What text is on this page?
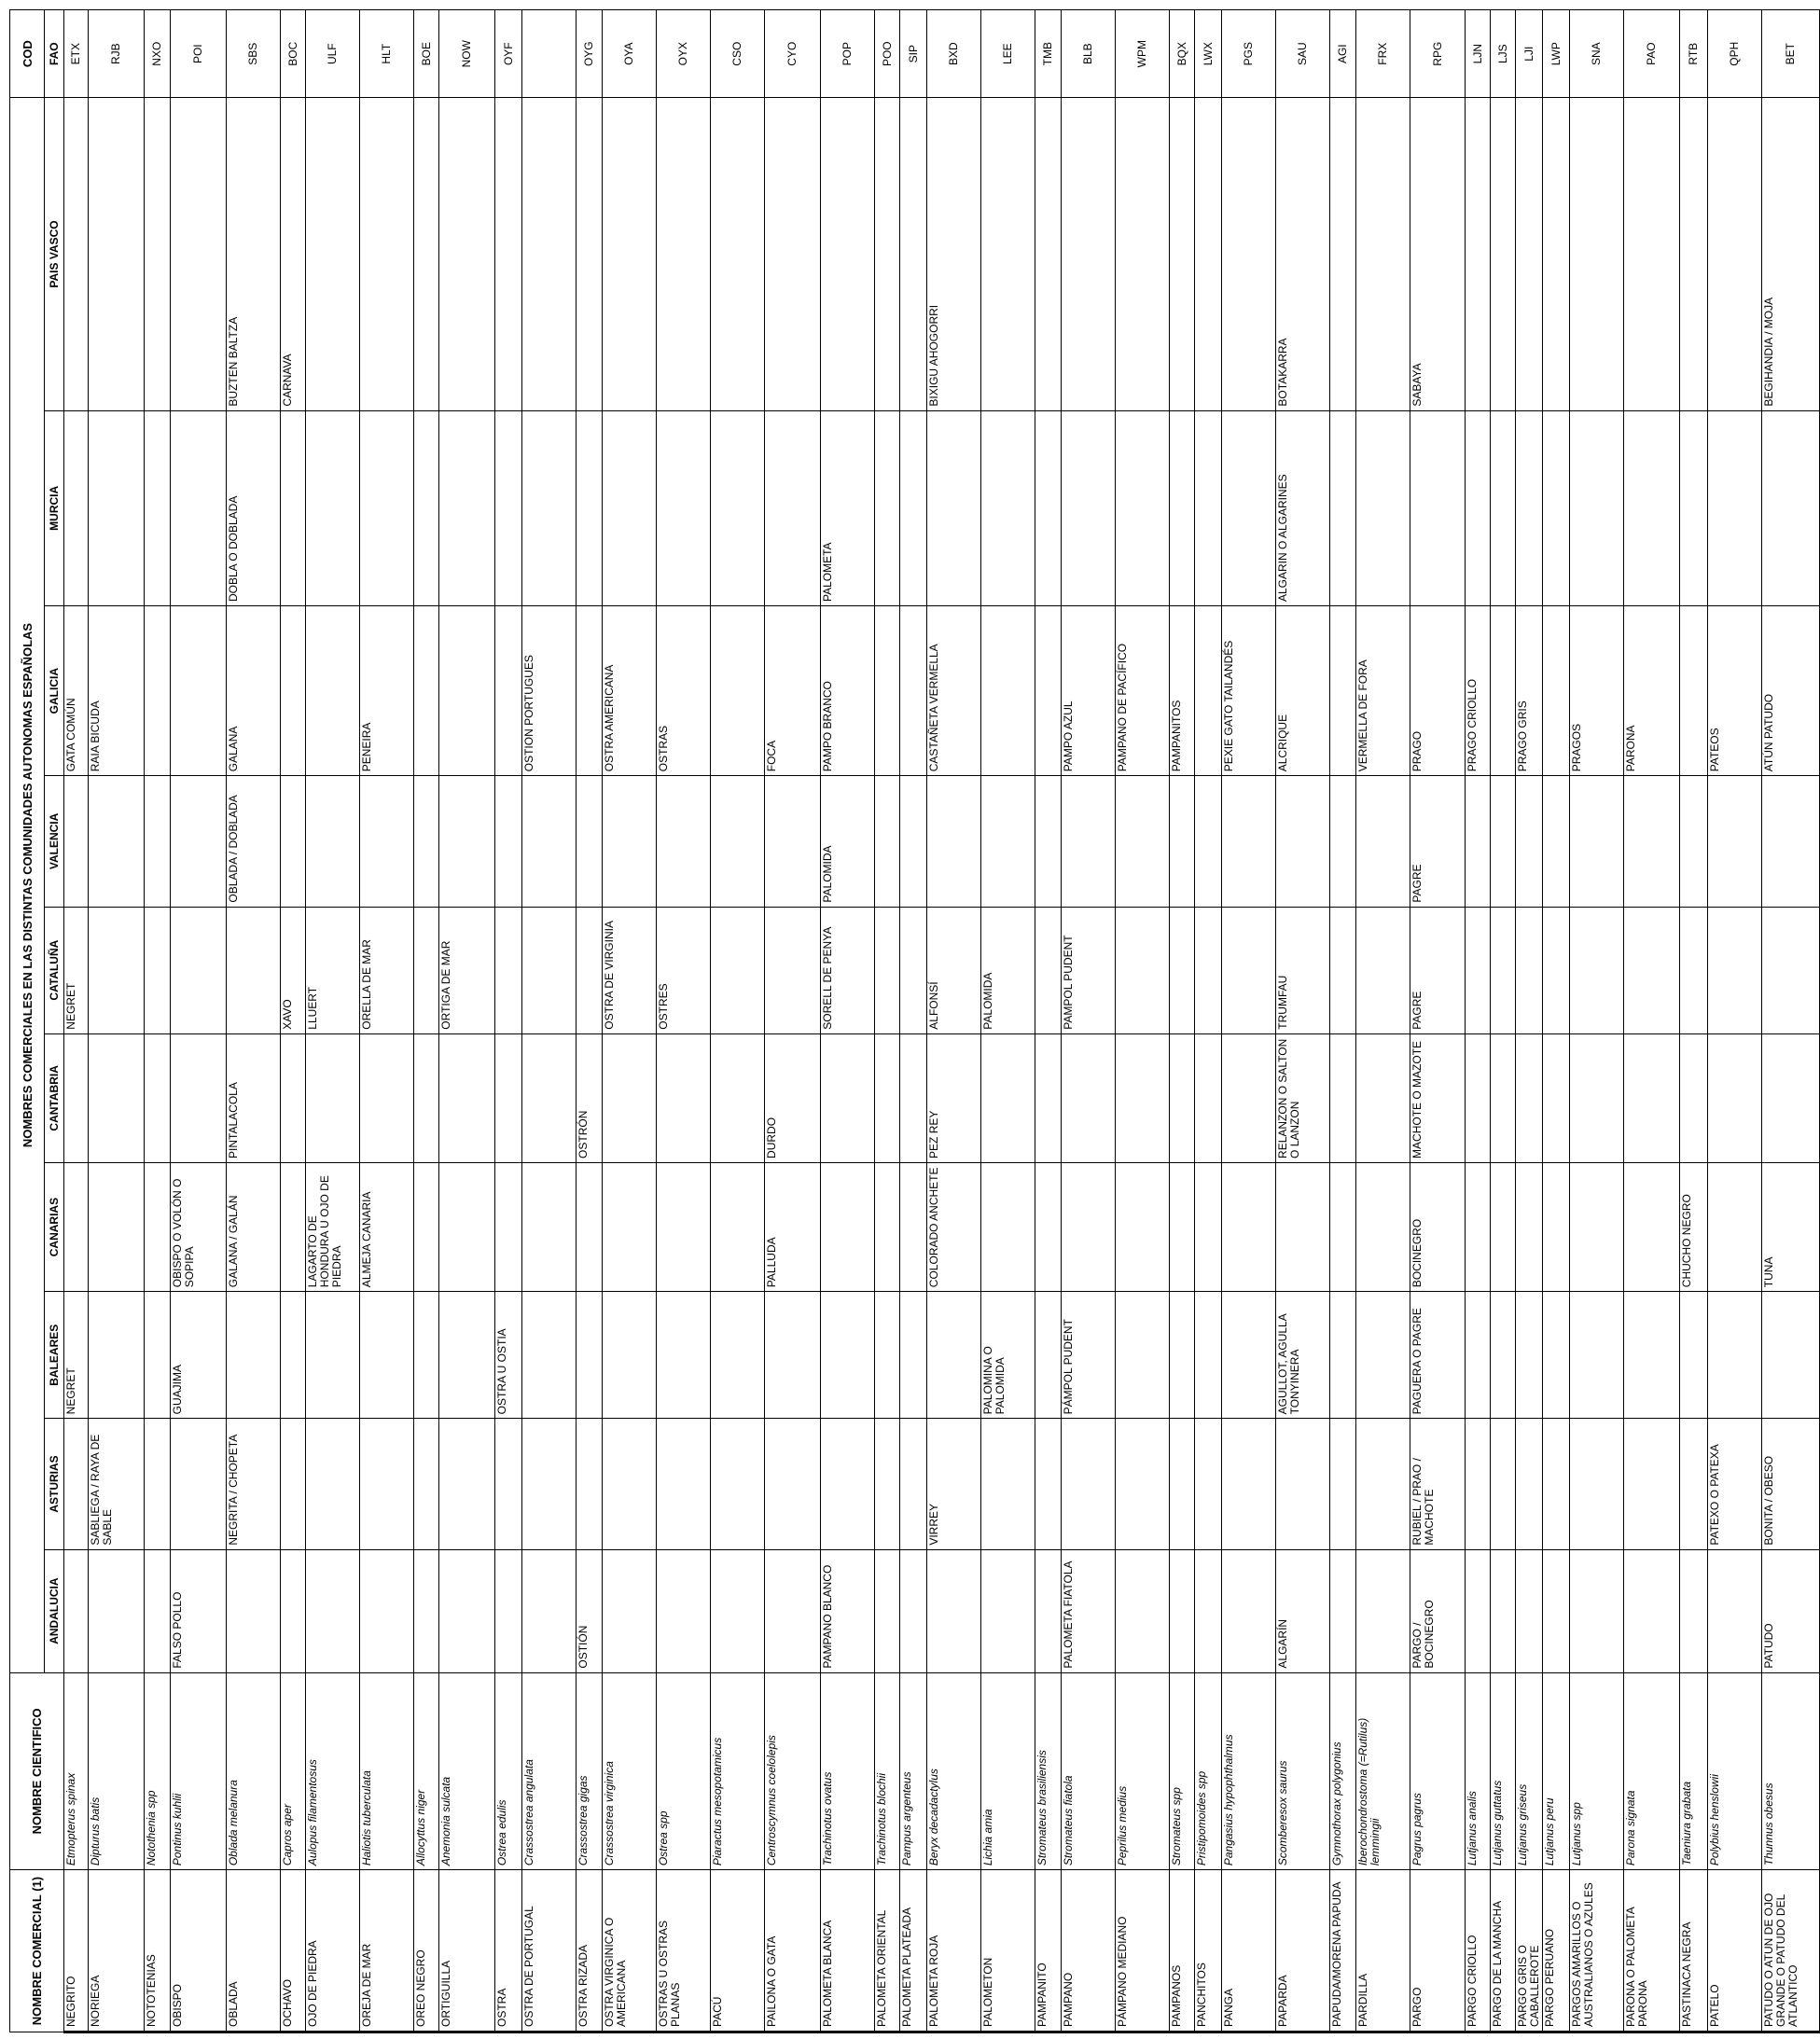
NOMBRE COMERCIAL (1)	NOMBRE CIENTIFICO	NOMBRES COMERCIALES EN LAS DISTINTAS COMUNIDADES AUTONOMAS ESPAÑOLAS										COD
		ANDALUCIA	ASTURIAS	BALEARES	CANARIAS	CANTABRIA	CATALUÑA	VALENCIA	GALICIA	MURCIA	PAIS VASCO	FAO
NEGRITO	Etmopterus spinax			NEGRET			NEGRET		GATA COMÚN			ETX
NORIEGA	Dipturus batis		SABLIEGA / RAYA DE SABLE						RAIA BICUDA			RJB
NOTOTENIAS	Notothenia spp											NXO
OBISPO	Pontinus kuhlii	FALSO POLLO		GUAJIMA	OBISPO O VOLÓN O SOPIPA							POI
OBLADA	Oblada melanura		NEGRITA / CHOPETA		GALANA / GALÁN	PINTALACOLA		OBLADA / DOBLADA	GALANA	DOBLA O DOBLADA	BUZTEN BALTZA	SBS
OCHAVO	Capros aper						XAVO				CARNAVA	BOC
OJO DE PIEDRA	Aulopus filamentosus				LAGARTO DE HONDURA U OJO DE PIEDRA		LLUERT					ULF
OREJA DE MAR	Haliotis tuberculata				ALMEJA CANARIA		ORELLA DE MAR		PENEIRA			HLT
OREO NEGRO	Allocyttus niger											BOE
ORTIGUILLA	Anemonia sulcata						ORTIGA DE MAR					NOW
OSTRA	Ostrea edulis			OSTRA U OSTIA								OYF
OSTRA DE PORTUGAL	Crassostrea angulata								OSTION PORTUGUES			
OSTRA RIZADA	Crassostrea gigas	OSTIÓN				OSTRÓN						OYG
OSTRA VIRGINICA O AMERICANA	Crassostrea virginica						OSTRA DE VIRGINIA		OSTRA AMERICANA			OYA
OSTRAS U OSTRAS PLANAS	Ostrea spp						OSTRES		OSTRAS			OYX
PACÚ	Piaractus mesopotamicus											CSO
PAILONA O GATA	Centroscymnus coelolepis				PALLUDA	DURDO			FOCA			CYO
PALOMETA BLANCA	Trachinotus ovatus	PAMPANO BLANCO					SORELL DE PENYA	PALOMIDA	PAMPO BRANCO	PALOMETA		POP
PALOMETA ORIENTAL	Trachinotus blochii											POO
PALOMETA PLATEADA	Pampus argenteus											SIP
PALOMETA ROJA	Beryx decadactylus		VIRREY		COLORADO ANCHETE	PEZ REY	ALFONSÍ		CASTAÑETA VERMELLA		BIXIGU AHOGORRI	BXD
PALOMETON	Lichia amia			PALOMINA O PALOMIDA			PALOMIDA					LEE
PAMPANITO	Stromateus brasiliensis											TMB
PAMPANO	Stromateus fiatola	PALOMETA FIATOLA		PÁMPOL PUDENT			PAMPOL PUDENT		PAMPO AZUL			BLB
PÁMPANO MEDIANO	Peprilus medius								PAMPANO DE PACÍFICO			WPM
PAMPANOS	Stromateus spp								PAMPANITOS			BQX
PANCHITOS	Pristipomoides spp											LWX
PANGA	Pangasius hypophthalmus								PEXIE GATO TAILANDÉS			PGS
PAPARDA	Scomberesox saurus	ALGARÍN		AGULLOT, AGULLA TONYINERA		RELANZON O SALTON O LANZON	TRUMFAU		ALCRIQUE	ALGARIN O ALGARINES	BOTAKARRA	SAU
PAPUDA/MORENA PAPUDA	Gymnothorax polygonius											AGI
PARDILLA	Iberochondrostoma (=Rutilus) lemmingii								VERMELLA DE FORA			FRX
PARGO	Pagrus pagrus	PARGO / BOCINEGRO	RUBIEL / PRAO / MACHOTE	PAGUERA O PAGRE	BOCINEGRO	MACHOTE O MAZOTE	PAGRE	PAGRE	PRAGO		SABAYA	RPG
PARGO CRIOLLO	Lutjanus analis								PRAGO CRIOLLO			LJN
PARGO DE LA MANCHA	Lutjanus guttatus											LJS
PARGO GRIS O CABALLEROTE	Lutjanus griseus								PRAGO GRIS			LJI
PARGO PERUANO	Lutjanus peru											LWP
PARGOS AMARILLOS O AUSTRALIANOS O AZULES	Lutjanus spp								PRAGOS			SNA
PARONA O PALOMETA PARONA	Parona signata								PARONA			PAO
PASTINACA NEGRA	Taeniura grabata				CHUCHO NEGRO							RTB
PATELO	Polybius henslowii		PATEXO O PATEXA						PATEOS			QPH
PATUDO O ATUN DE OJO GRANDE O PATUDO DEL ATLANTICO	Thunnus obesus	PATUDO	BONITA / OBESO		TUNA				ATÚN PATUDO		BEGIHANDIA / MOJA	BET
